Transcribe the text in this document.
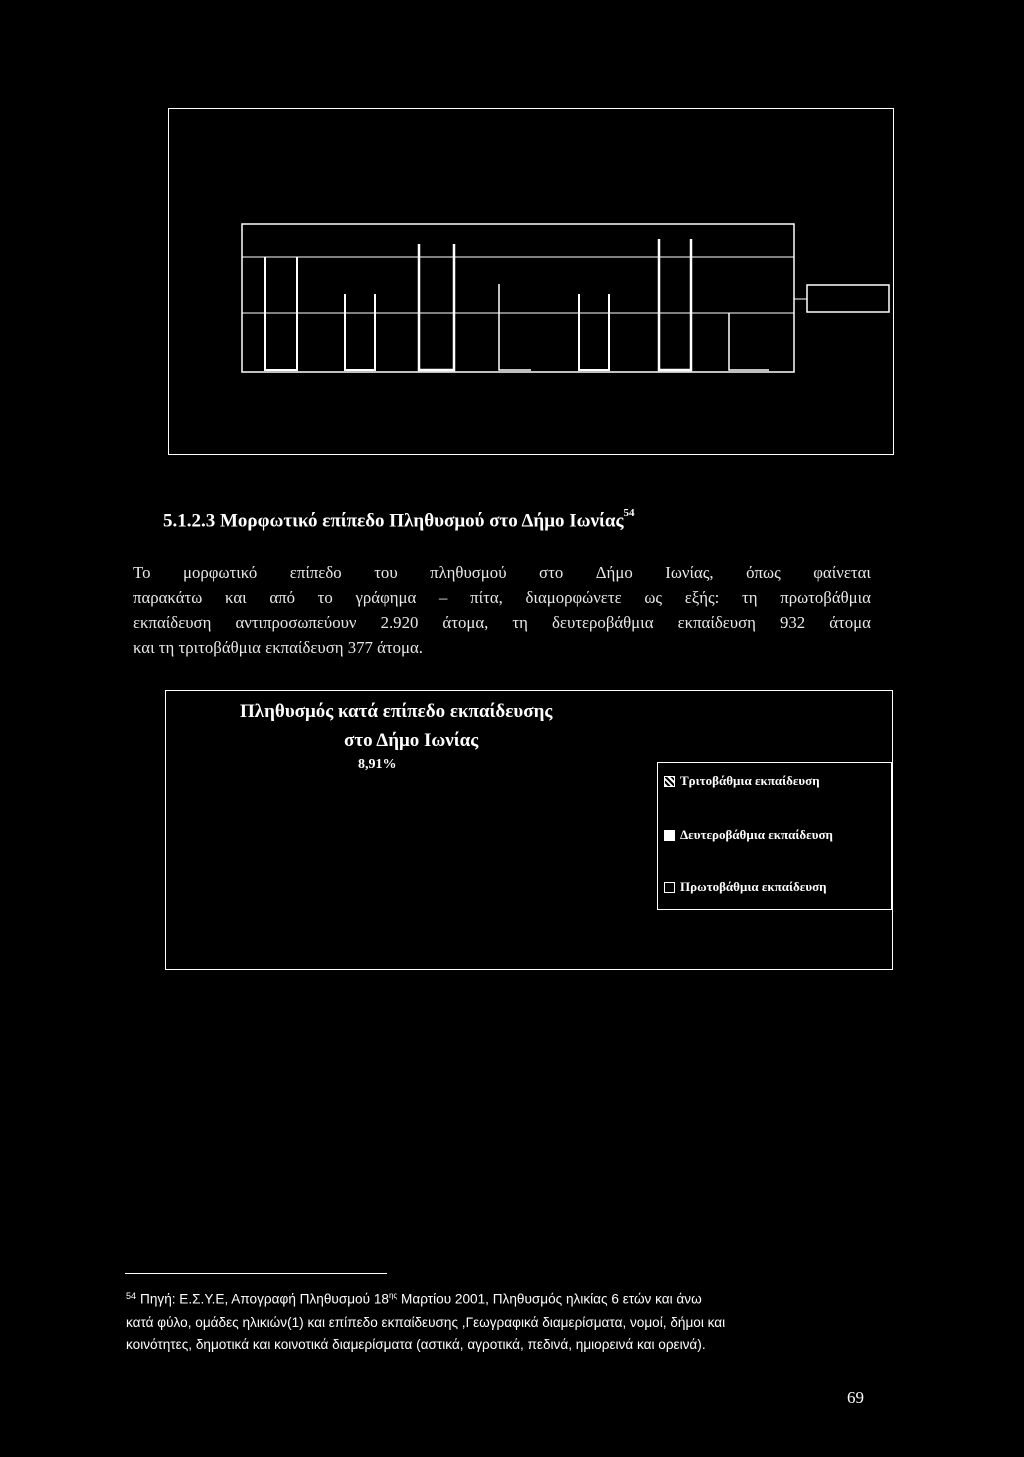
5.1.2.3 Μορφωτικό επίπεδο Πληθυσμού στο Δήμο Ιωνίας$^{54}$
Το μορφωτικό επίπεδο του πληθυσμού στο Δήμο Ιωνίας, όπως φαίνεται
παρακάτω και από το γράφημα – πίτα, διαμορφώνετε ως εξής: τη πρωτοβάθμια
εκπαίδευση αντιπροσωπεύουν 2.920 άτομα, τη δευτεροβάθμια εκπαίδευση 932 άτομα
και τη τριτοβάθμια εκπαίδευση 377 άτομα.
Πληθυσμός κατά επίπεδο εκπαίδευσης
στο Δήμο Ιωνίας
8,91%
Τριτοβάθμια εκπαίδευση
Δευτεροβάθμια εκπαίδευση
Πρωτοβάθμια εκπαίδευση
$^{54}$ Πηγή: Ε.Σ.Υ.Ε, Απογραφή Πληθυσμού $18^{\eta\varsigma}$ Μαρτίου 2001, Πληθυσμός ηλικίας 6 ετών και άνω
κατά φύλο, ομάδες ηλικιών(1) και επίπεδο εκπαίδευσης ,Γεωγραφικά διαμερίσματα, νομοί, δήμοι και
κοινότητες, δημοτικά και κοινοτικά διαμερίσματα (αστικά, αγροτικά, πεδινά, ημιορεινά και ορεινά).
69
